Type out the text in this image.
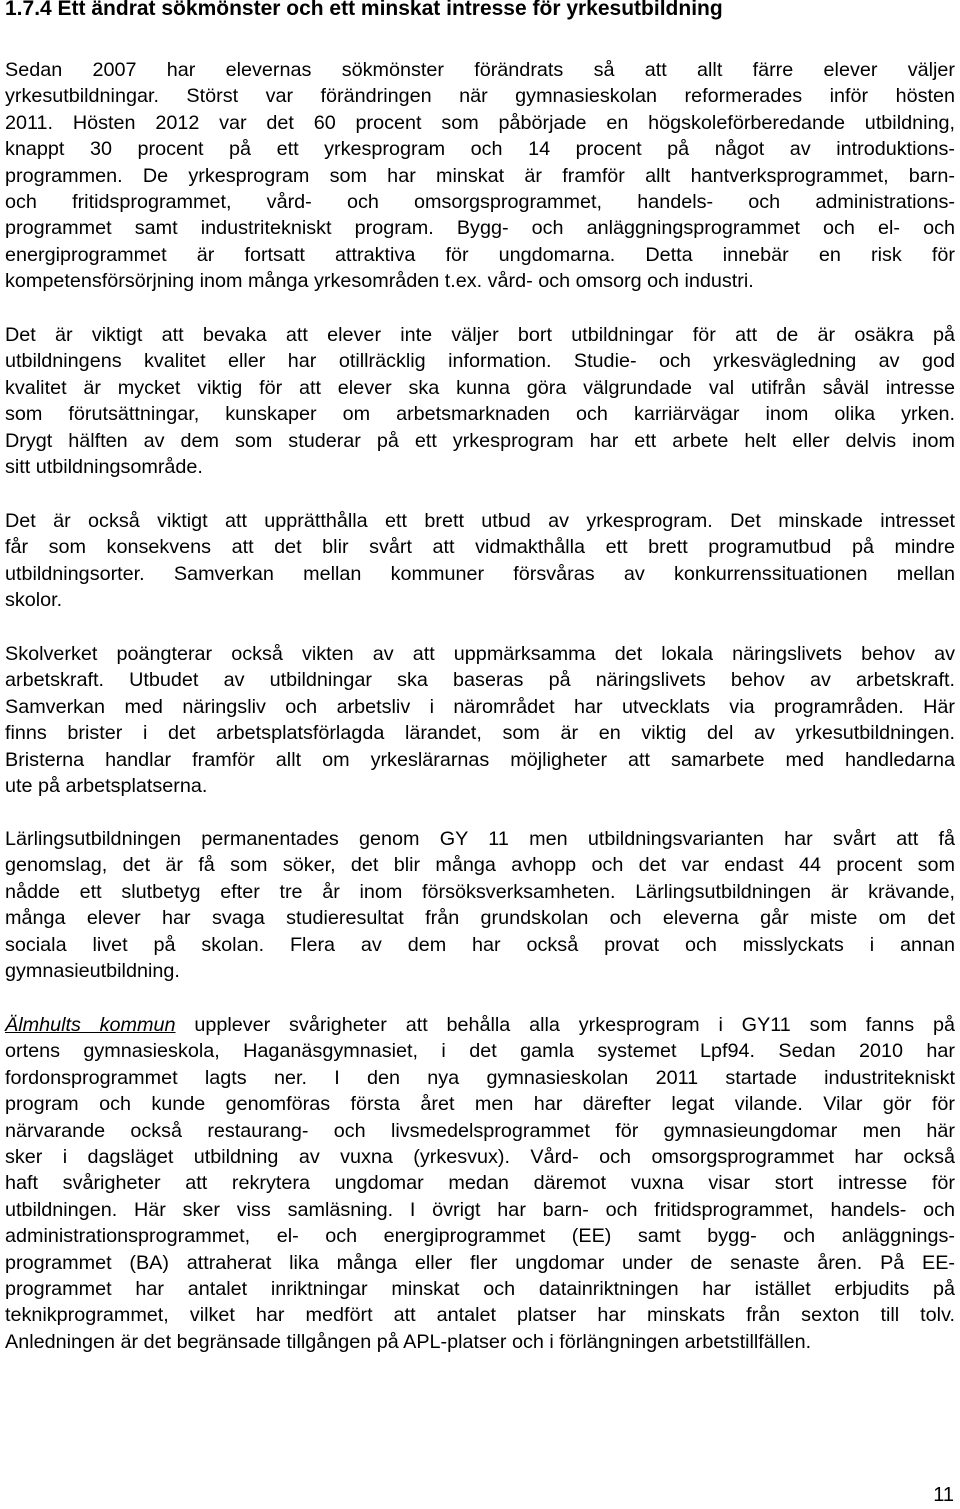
1.7.4 Ett ändrat sökmönster och ett minskat intresse för yrkesutbildning
Sedan 2007 har elevernas sökmönster förändrats så att allt färre elever väljer
yrkesutbildningar. Störst var förändringen när gymnasieskolan reformerades inför hösten
2011. Hösten 2012 var det 60 procent som påbörjade en högskoleförberedande utbildning,
knappt 30 procent på ett yrkesprogram och 14 procent på något av introduktions-
programmen. De yrkesprogram som har minskat är framför allt hantverksprogrammet, barn-
och fritidsprogrammet, vård- och omsorgsprogrammet, handels- och administrations-
programmet samt industritekniskt program. Bygg- och anläggningsprogrammet och el- och
energiprogrammet är fortsatt attraktiva för ungdomarna. Detta innebär en risk för
kompetensförsörjning inom många yrkesområden t.ex. vård- och omsorg och industri.
Det är viktigt att bevaka att elever inte väljer bort utbildningar för att de är osäkra på
utbildningens kvalitet eller har otillräcklig information. Studie- och yrkesvägledning av god
kvalitet är mycket viktig för att elever ska kunna göra välgrundade val utifrån såväl intresse
som förutsättningar, kunskaper om arbetsmarknaden och karriärvägar inom olika yrken.
Drygt hälften av dem som studerar på ett yrkesprogram har ett arbete helt eller delvis inom
sitt utbildningsområde.
Det är också viktigt att upprätthålla ett brett utbud av yrkesprogram. Det minskade intresset
får som konsekvens att det blir svårt att vidmakthålla ett brett programutbud på mindre
utbildningsorter. Samverkan mellan kommuner försvåras av konkurrenssituationen mellan
skolor.
Skolverket poängterar också vikten av att uppmärksamma det lokala näringslivets behov av
arbetskraft. Utbudet av utbildningar ska baseras på näringslivets behov av arbetskraft.
Samverkan med näringsliv och arbetsliv i närområdet har utvecklats via programråden. Här
finns brister i det arbetsplatsförlagda lärandet, som är en viktig del av yrkesutbildningen.
Bristerna handlar framför allt om yrkeslärarnas möjligheter att samarbete med handledarna
ute på arbetsplatserna.
Lärlingsutbildningen permanentades genom GY 11 men utbildningsvarianten har svårt att få
genomslag, det är få som söker, det blir många avhopp och det var endast 44 procent som
nådde ett slutbetyg efter tre år inom försöksverksamheten. Lärlingsutbildningen är krävande,
många elever har svaga studieresultat från grundskolan och eleverna går miste om det
sociala livet på skolan. Flera av dem har också provat och misslyckats i annan
gymnasieutbildning.
Älmhults kommun upplever svårigheter att behålla alla yrkesprogram i GY11 som fanns på
ortens gymnasieskola, Haganäsgymnasiet, i det gamla systemet Lpf94. Sedan 2010 har
fordonsprogrammet lagts ner. I den nya gymnasieskolan 2011 startade industritekniskt
program och kunde genomföras första året men har därefter legat vilande. Vilar gör för
närvarande också restaurang- och livsmedelsprogrammet för gymnasieungdomar men här
sker i dagsläget utbildning av vuxna (yrkesvux). Vård- och omsorgsprogrammet har också
haft svårigheter att rekrytera ungdomar medan däremot vuxna visar stort intresse för
utbildningen. Här sker viss samläsning. I övrigt har barn- och fritidsprogrammet, handels- och
administrationsprogrammet, el- och energiprogrammet (EE) samt bygg- och anläggnings-
programmet (BA) attraherat lika många eller fler ungdomar under de senaste åren. På EE-
programmet har antalet inriktningar minskat och datainriktningen har istället erbjudits på
teknikprogrammet, vilket har medfört att antalet platser har minskats från sexton till tolv.
Anledningen är det begränsade tillgången på APL-platser och i förlängningen arbetstillfällen.
11
